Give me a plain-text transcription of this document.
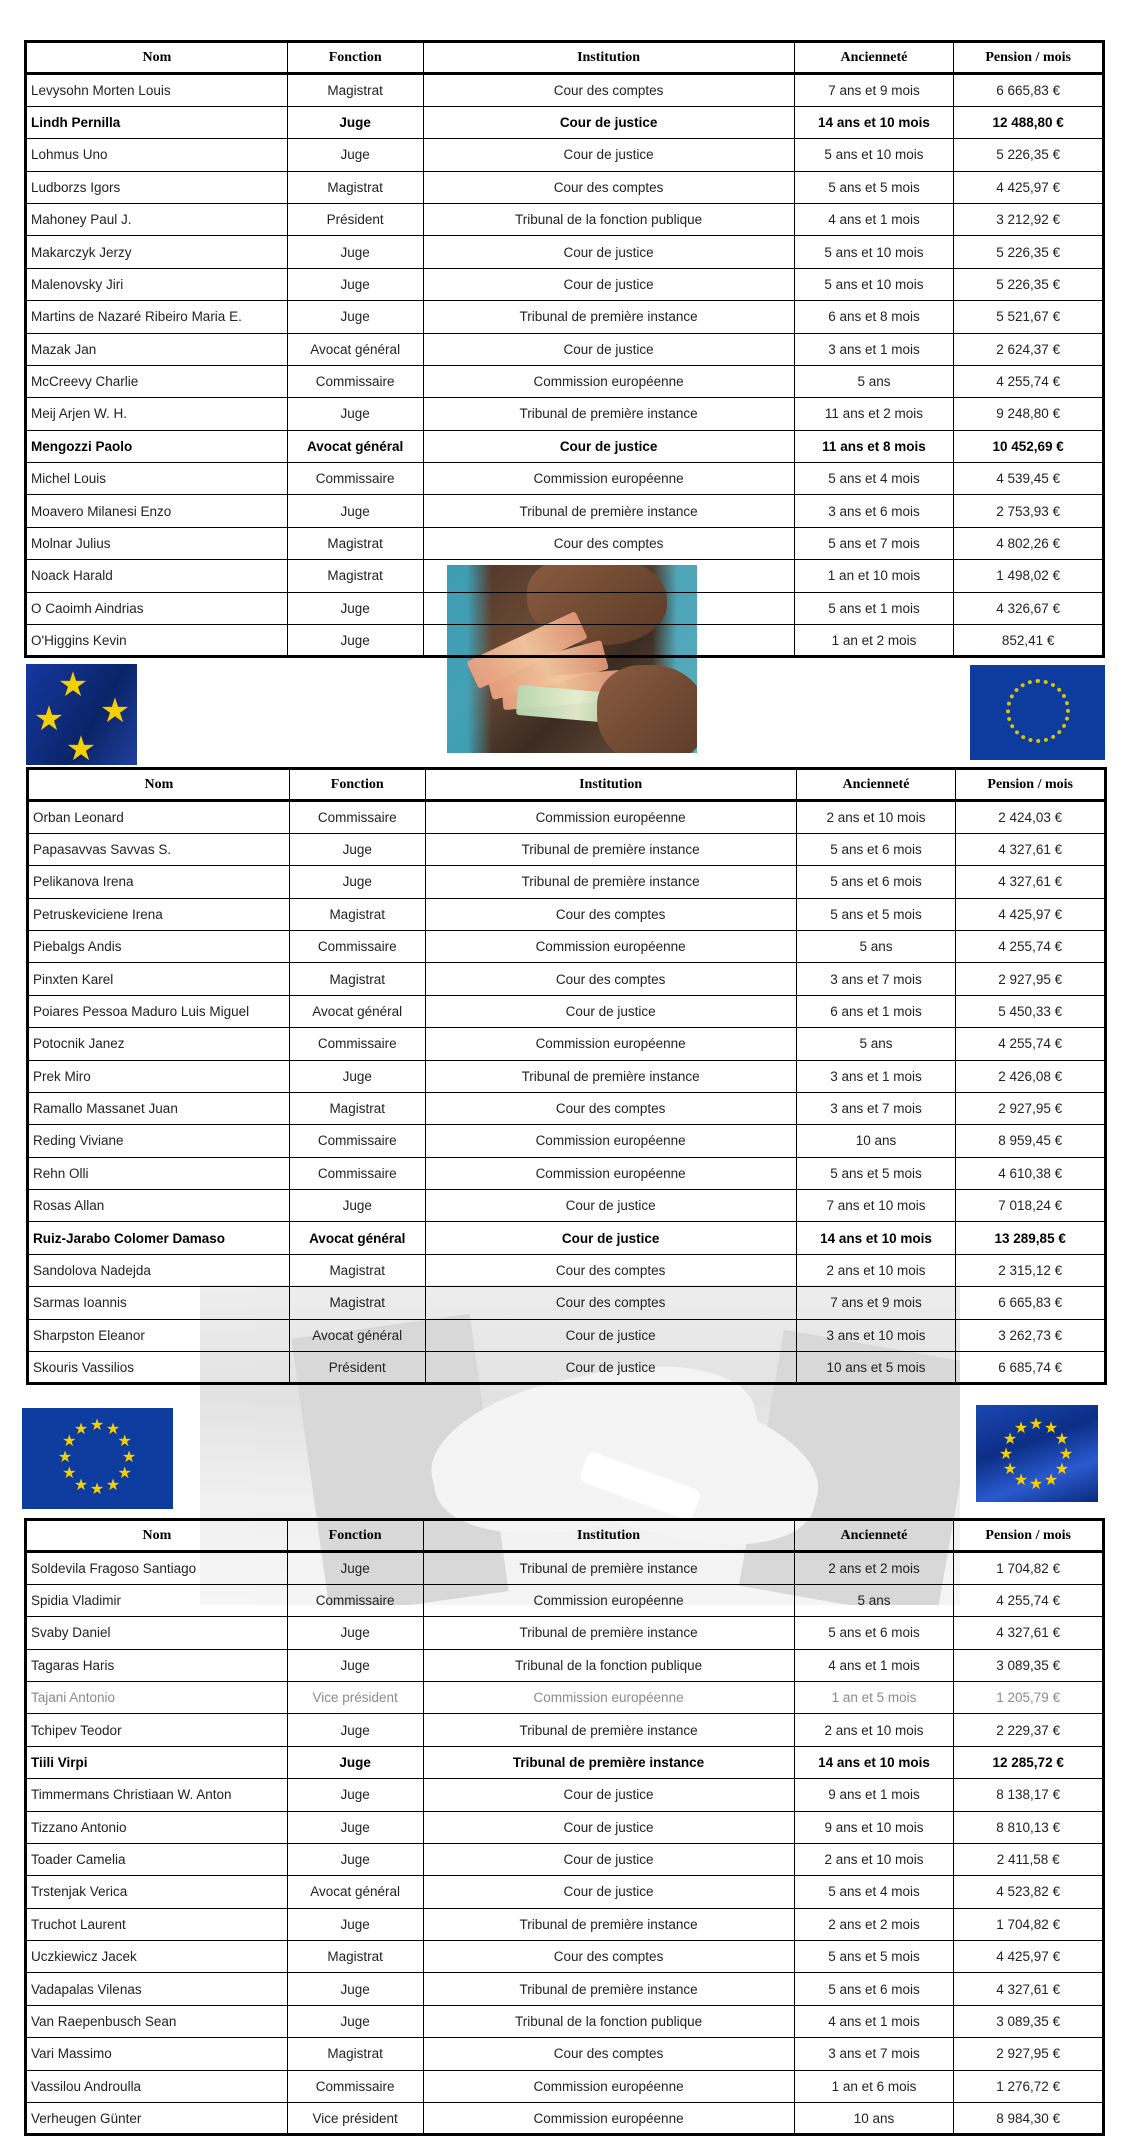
★
★
★
★
★ ★
★
★
★
★
★
★
★
★
★
★	★ ★
★
★
★
★
★
★
★
★
★
★
Nom	Fonction	Institution	Ancienneté	Pension / mois
Levysohn Morten Louis	Magistrat	Cour des comptes	7 ans et 9 mois	6 665,83 €
Lindh Pernilla	Juge	Cour de justice	14 ans et 10 mois	12 488,80 €
Lohmus Uno	Juge	Cour de justice	5 ans et 10 mois	5 226,35 €
Ludborzs Igors	Magistrat	Cour des comptes	5 ans et 5 mois	4 425,97 €
Mahoney Paul J.	Président	Tribunal de la fonction publique	4 ans et 1 mois	3 212,92 €
Makarczyk Jerzy	Juge	Cour de justice	5 ans et 10 mois	5 226,35 €
Malenovsky Jiri	Juge	Cour de justice	5 ans et 10 mois	5 226,35 €
Martins de Nazaré Ribeiro Maria E.	Juge	Tribunal de première instance	6 ans et 8 mois	5 521,67 €
Mazak Jan	Avocat général	Cour de justice	3 ans et 1 mois	2 624,37 €
McCreevy Charlie	Commissaire	Commission européenne	5 ans	4 255,74 €
Meij Arjen W. H.	Juge	Tribunal de première instance	11 ans et 2 mois	9 248,80 €
Mengozzi Paolo	Avocat général	Cour de justice	11 ans et 8 mois	10 452,69 €
Michel Louis	Commissaire	Commission européenne	5 ans et 4 mois	4 539,45 €
Moavero Milanesi Enzo	Juge	Tribunal de première instance	3 ans et 6 mois	2 753,93 €
Molnar Julius	Magistrat	Cour des comptes	5 ans et 7 mois	4 802,26 €
Noack Harald	Magistrat		1 an et 10 mois	1 498,02 €
O Caoimh Aindrias	Juge		5 ans et 1 mois	4 326,67 €
O'Higgins Kevin	Juge		1 an et 2 mois	852,41 €
Nom	Fonction	Institution	Ancienneté	Pension / mois
Orban Leonard	Commissaire	Commission européenne	2 ans et 10 mois	2 424,03 €
Papasavvas Savvas S.	Juge	Tribunal de première instance	5 ans et 6 mois	4 327,61 €
Pelikanova Irena	Juge	Tribunal de première instance	5 ans et 6 mois	4 327,61 €
Petruskeviciene Irena	Magistrat	Cour des comptes	5 ans et 5 mois	4 425,97 €
Piebalgs Andis	Commissaire	Commission européenne	5 ans	4 255,74 €
Pinxten Karel	Magistrat	Cour des comptes	3 ans et 7 mois	2 927,95 €
Poiares Pessoa Maduro Luis Miguel	Avocat général	Cour de justice	6 ans et 1 mois	5 450,33 €
Potocnik Janez	Commissaire	Commission européenne	5 ans	4 255,74 €
Prek Miro	Juge	Tribunal de première instance	3 ans et 1 mois	2 426,08 €
Ramallo Massanet Juan	Magistrat	Cour des comptes	3 ans et 7 mois	2 927,95 €
Reding Viviane	Commissaire	Commission européenne	10 ans	8 959,45 €
Rehn Olli	Commissaire	Commission européenne	5 ans et 5 mois	4 610,38 €
Rosas Allan	Juge	Cour de justice	7 ans et 10 mois	7 018,24 €
Ruiz-Jarabo Colomer Damaso	Avocat général	Cour de justice	14 ans et 10 mois	13 289,85 €
Sandolova Nadejda	Magistrat	Cour des comptes	2 ans et 10 mois	2 315,12 €
Sarmas Ioannis	Magistrat	Cour des comptes	7 ans et 9 mois	6 665,83 €
Sharpston Eleanor	Avocat général	Cour de justice	3 ans et 10 mois	3 262,73 €
Skouris Vassilios	Président	Cour de justice	10 ans et 5 mois	6 685,74 €
Nom	Fonction	Institution	Ancienneté	Pension / mois
Soldevila Fragoso Santiago	Juge	Tribunal de première instance	2 ans et 2 mois	1 704,82 €
Spidia Vladimir	Commissaire	Commission européenne	5 ans	4 255,74 €
Svaby Daniel	Juge	Tribunal de première instance	5 ans et 6 mois	4 327,61 €
Tagaras Haris	Juge	Tribunal de la fonction publique	4 ans et 1 mois	3 089,35 €
Tajani Antonio	Vice président	Commission européenne	1 an et 5 mois	1 205,79 €
Tchipev Teodor	Juge	Tribunal de première instance	2 ans et 10 mois	2 229,37 €
Tiili Virpi	Juge	Tribunal de première instance	14 ans et 10 mois	12 285,72 €
Timmermans Christiaan W. Anton	Juge	Cour de justice	9 ans et 1 mois	8 138,17 €
Tizzano Antonio	Juge	Cour de justice	9 ans et 10 mois	8 810,13 €
Toader Camelia	Juge	Cour de justice	2 ans et 10 mois	2 411,58 €
Trstenjak Verica	Avocat général	Cour de justice	5 ans et 4 mois	4 523,82 €
Truchot Laurent	Juge	Tribunal de première instance	2 ans et 2 mois	1 704,82 €
Uczkiewicz Jacek	Magistrat	Cour des comptes	5 ans et 5 mois	4 425,97 €
Vadapalas Vilenas	Juge	Tribunal de première instance	5 ans et 6 mois	4 327,61 €
Van Raepenbusch Sean	Juge	Tribunal de la fonction publique	4 ans et 1 mois	3 089,35 €
Vari Massimo	Magistrat	Cour des comptes	3 ans et 7 mois	2 927,95 €
Vassilou Androulla	Commissaire	Commission européenne	1 an et 6 mois	1 276,72 €
Verheugen Günter	Vice président	Commission européenne	10 ans	8 984,30 €
